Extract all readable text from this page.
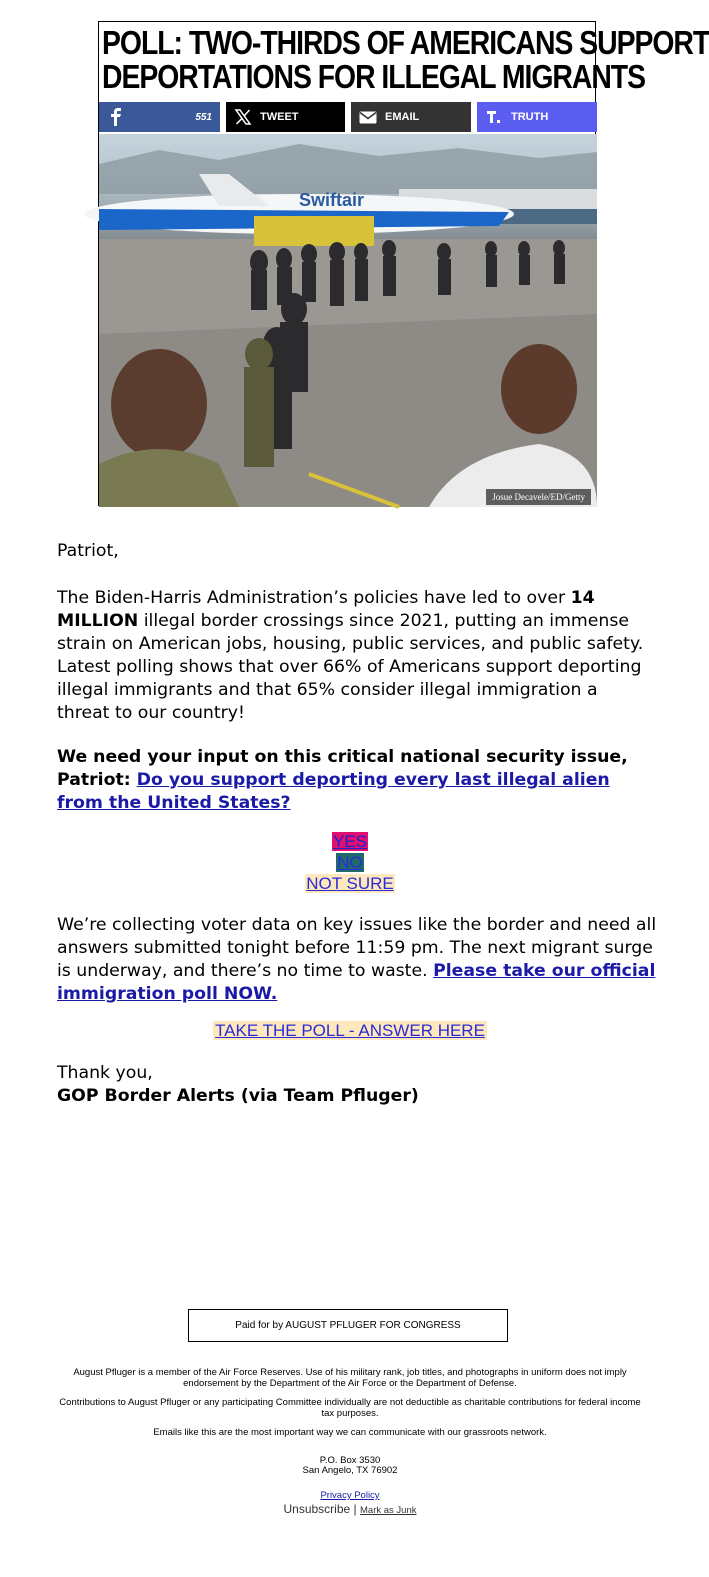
POLL: TWO-THIRDS OF AMERICANS SUPPORT
DEPORTATIONS FOR ILLEGAL MIGRANTS
551	TWEET	EMAIL	TRUTH
Swiftair
Josue Decavele/ED/Getty
Patriot,

The Biden-Harris Administration’s policies have led to over 14 MILLION illegal border crossings since 2021, putting an immense strain on American jobs, housing, public services, and public safety. Latest polling shows that over 66% of Americans support deporting illegal immigrants and that 65% consider illegal immigration a threat to our country!

We need your input on this critical national security issue, Patriot: Do you support deporting every last illegal alien from the United States?

YES
NO
NOT SURE

We’re collecting voter data on key issues like the border and need all answers submitted tonight before 11:59 pm. The next migrant surge is underway, and there’s no time to waste. Please take our official immigration poll NOW.

TAKE THE POLL - ANSWER HERE
Thank you,
GOP Border Alerts (via Team Pfluger)
Paid for by AUGUST PFLUGER FOR CONGRESS
August Pfluger is a member of the Air Force Reserves. Use of his military rank, job titles, and photographs in uniform does not imply endorsement by the Department of the Air Force or the Department of Defense.
Contributions to August Pfluger or any participating Committee individually are not deductible as charitable contributions for federal income tax purposes.
Emails like this are the most important way we can communicate with our grassroots network.
P.O. Box 3530
San Angelo, TX 76902
Privacy Policy
Unsubscribe | Mark as Junk
